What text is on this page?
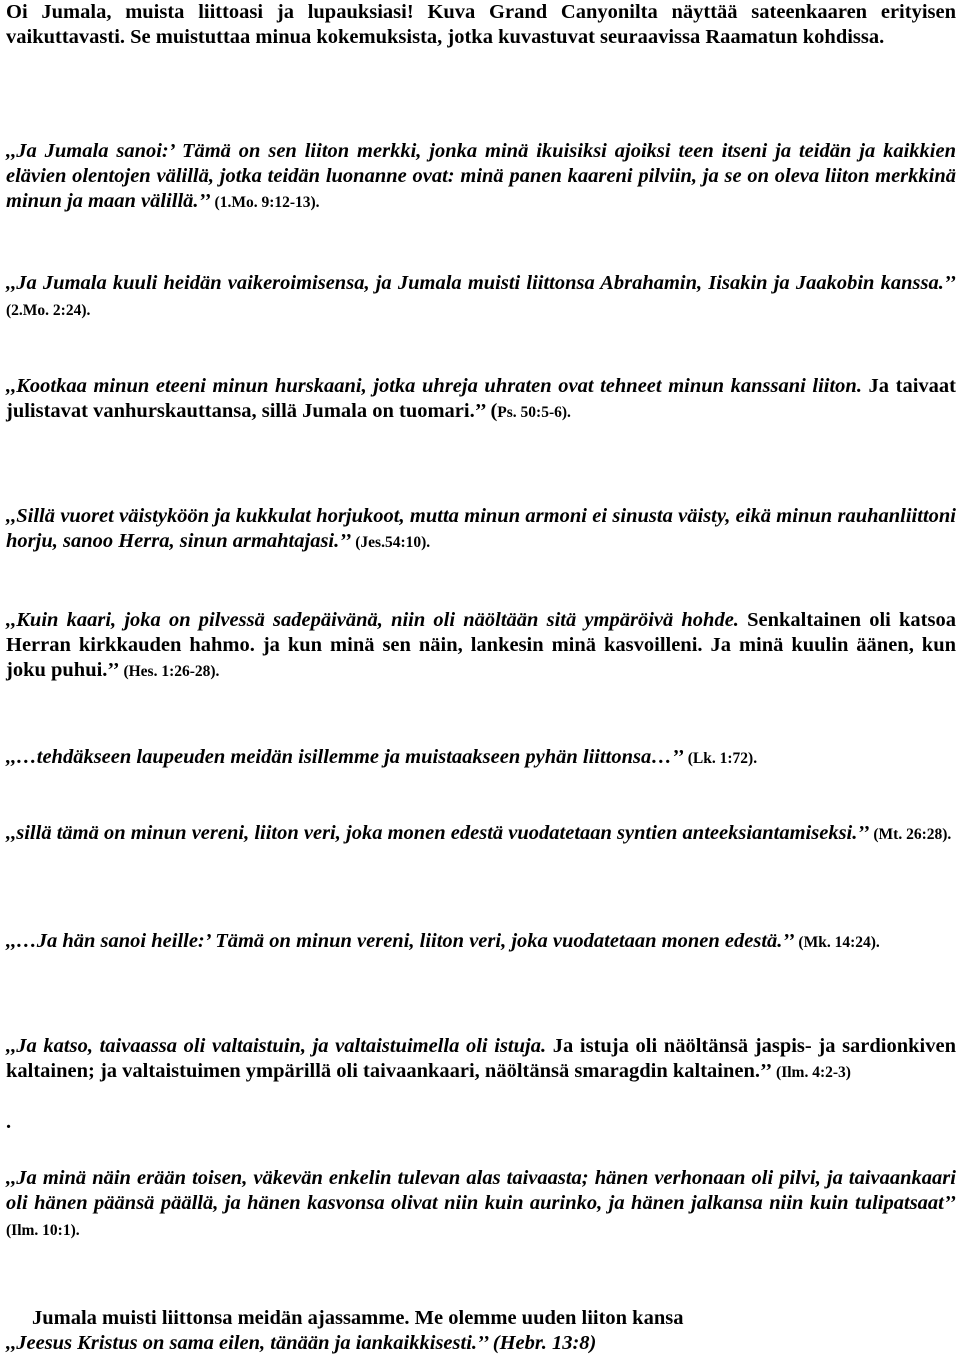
Oi Jumala, muista liittoasi ja lupauksiasi! Kuva Grand Canyonilta näyttää sateenkaaren erityisen vaikuttavasti. Se muistuttaa minua kokemuksista, jotka kuvastuvat seuraavissa Raamatun kohdissa.

,,Ja Jumala sanoi:’ Tämä on sen liiton merkki, jonka minä ikuisiksi ajoiksi teen itseni ja teidän ja kaikkien elävien olentojen välillä, jotka teidän luonanne ovat: minä panen kaareni pilviin, ja se on oleva liiton merkkinä minun ja maan välillä.’’ (1.Mo. 9:12-13).

,,Ja Jumala kuuli heidän vaikeroimisensa, ja Jumala muisti liittonsa Abrahamin, Iisakin ja Jaakobin kanssa.’’ (2.Mo. 2:24).

,,Kootkaa minun eteeni minun hurskaani, jotka uhreja uhraten ovat tehneet minun kanssani liiton. Ja taivaat julistavat vanhurskauttansa, sillä Jumala on tuomari.’’ (Ps. 50:5-6).

,,Sillä vuoret väistyköön ja kukkulat horjukoot, mutta minun armoni ei sinusta väisty, eikä minun rauhanliittoni horju, sanoo Herra, sinun armahtajasi.’’ (Jes.54:10).

,,Kuin kaari, joka on pilvessä sadepäivänä, niin oli näöltään sitä ympäröivä hohde. Senkaltainen oli katsoa Herran kirkkauden hahmo. ja kun minä sen näin, lankesin minä kasvoilleni. Ja minä kuulin äänen, kun joku puhui.’’ (Hes. 1:26-28).

,,…tehdäkseen laupeuden meidän isillemme ja muistaakseen pyhän liittonsa…’’ (Lk. 1:72).

,,sillä tämä on minun vereni, liiton veri, joka monen edestä vuodatetaan syntien anteeksiantamiseksi.’’ (Mt. 26:28).

,,…Ja hän sanoi heille:’ Tämä on minun vereni, liiton veri, joka vuodatetaan monen edestä.’’ (Mk. 14:24).

,,Ja katso, taivaassa oli valtaistuin, ja valtaistuimella oli istuja. Ja istuja oli näöltänsä jaspis- ja sardionkiven kaltainen; ja valtaistuimen ympärillä oli taivaankaari, näöltänsä smaragdin kaltainen.’’ (Ilm. 4:2-3)

.

,,Ja minä näin erään toisen, väkevän enkelin tulevan alas taivaasta; hänen verhonaan oli pilvi, ja taivaankaari oli hänen päänsä päällä, ja hänen kasvonsa olivat niin kuin aurinko, ja hänen jalkansa niin kuin tulipatsaat’’ (Ilm. 10:1).

Jumala muisti liittonsa meidän ajassamme. Me olemme uuden liiton kansa

,,Jeesus Kristus on sama eilen, tänään ja iankaikkisesti.’’ (Hebr. 13:8)
